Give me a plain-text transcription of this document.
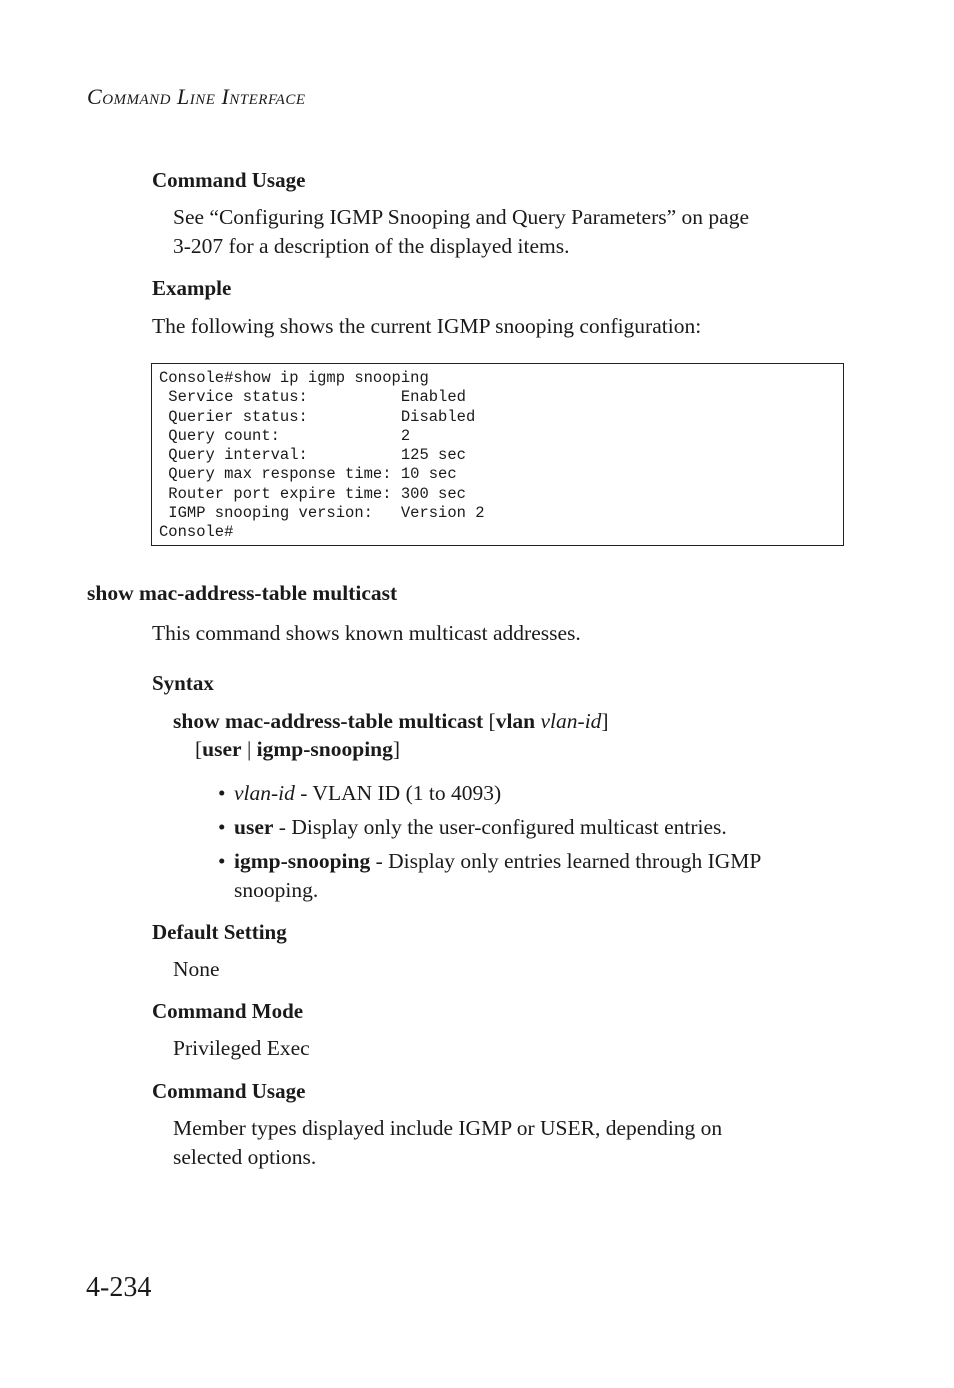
COMMAND LINE INTERFACE
Command Usage
See “Configuring IGMP Snooping and Query Parameters” on page
3-207 for a description of the displayed items.
Example
The following shows the current IGMP snooping configuration:
Console#show ip igmp snooping
Service status:          Enabled
Querier status:          Disabled
Query count:             2
Query interval:          125 sec
Query max response time: 10 sec
Router port expire time: 300 sec
IGMP snooping version:   Version 2
Console#
show mac-address-table multicast
This command shows known multicast addresses.
Syntax
show mac-address-table multicast [vlan vlan-id]
[user | igmp-snooping]
• vlan-id - VLAN ID (1 to 4093)
• user - Display only the user-configured multicast entries.
• igmp-snooping - Display only entries learned through IGMP
snooping.
Default Setting
None
Command Mode
Privileged Exec
Command Usage
Member types displayed include IGMP or USER, depending on
selected options.
4-234
